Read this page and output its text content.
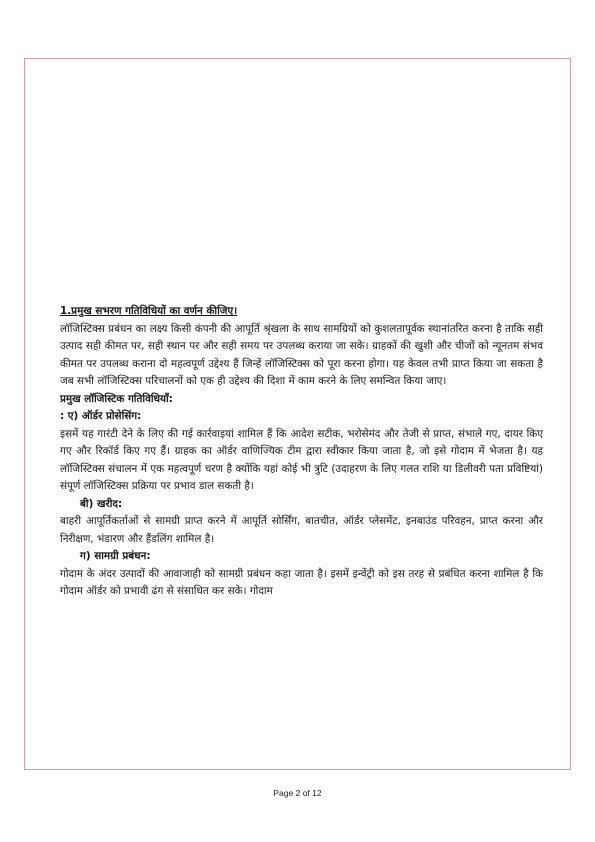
1.प्रमुख सभरण गतिविधियों का वर्णन कीजिए।

लॉजिस्टिक्स प्रबंधन का लक्ष्य किसी कंपनी की आपूर्ति श्रृंखला के साथ सामग्रियों को कुशलतापूर्वक स्थानांतरित करना है ताकि सही उत्पाद सही कीमत पर, सही स्थान पर और सही समय पर उपलब्ध कराया जा सके। ग्राहकों की खुशी और चीजों को न्यूनतम संभव कीमत पर उपलब्ध कराना दो महत्वपूर्ण उद्देश्य हैं जिन्हें लॉजिस्टिक्स को पूरा करना होगा। यह केवल तभी प्राप्त किया जा सकता है जब सभी लॉजिस्टिक्स परिचालनों को एक ही उद्देश्य की दिशा में काम करने के लिए समन्वित किया जाए।

प्रमुख लॉजिस्टिक गतिविधियाँ:

: ए) ऑर्डर प्रोसेसिंग:

इसमें यह गारंटी देने के लिए की गई कार्रवाइयां शामिल हैं कि आदेश सटीक, भरोसेमंद और तेजी से प्राप्त, संभाले गए, दायर किए गए और रिकॉर्ड किए गए हैं। ग्राहक का ऑर्डर वाणिज्यिक टीम द्वारा स्वीकार किया जाता है, जो इसे गोदाम में भेजता है। यह लॉजिस्टिक्स संचालन में एक महत्वपूर्ण चरण है क्योंकि यहां कोई भी त्रुटि (उदाहरण के लिए गलत राशि या डिलीवरी पता प्रविष्टियां) संपूर्ण लॉजिस्टिक्स प्रक्रिया पर प्रभाव डाल सकती है।

बी) खरीद:

बाहरी आपूर्तिकर्ताओं से सामग्री प्राप्त करने में आपूर्ति सोर्सिंग, बातचीत, ऑर्डर प्लेसमेंट, इनबाउंड परिवहन, प्राप्त करना और निरीक्षण, भंडारण और हैंडलिंग शामिल है।

ग) सामग्री प्रबंधन:

गोदाम के अंदर उत्पादों की आवाजाही को सामग्री प्रबंधन कहा जाता है। इसमें इन्वेंट्री को इस तरह से प्रबंधित करना शामिल है कि गोदाम ऑर्डर को प्रभावी ढंग से संसाधित कर सके। गोदाम

Page 2 of 12
